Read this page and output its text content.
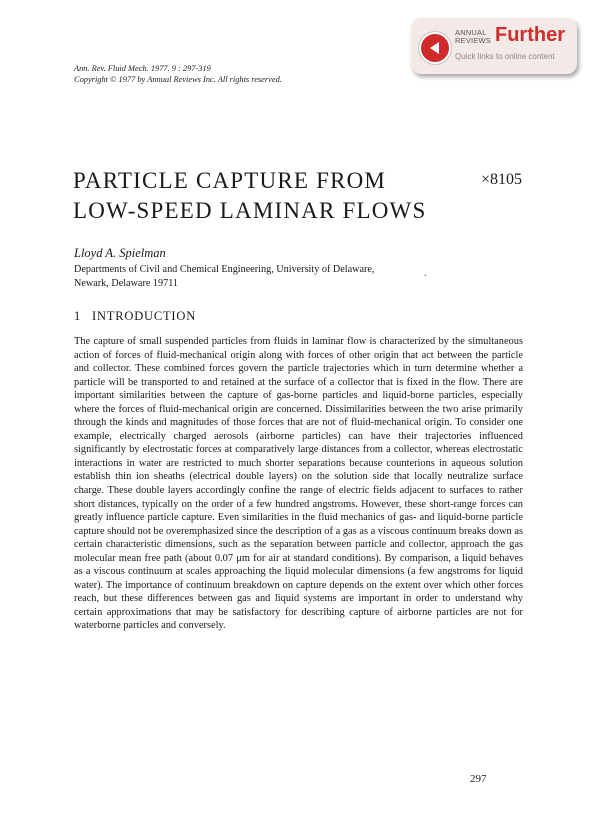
ANNUAL
REVIEWS Further
Quick links to online content
Ann. Rev. Fluid Mech. 1977. 9 : 297-319
Copyright © 1977 by Annual Reviews Inc. All rights reserved.
PARTICLE CAPTURE FROM
LOW-SPEED LAMINAR FLOWS
×8105
Lloyd A. Spielman
Departments of Civil and Chemical Engineering, University of Delaware,
Newark, Delaware 19711
.
1 INTRODUCTION

The capture of small suspended particles from fluids in laminar flow is characterized by the simultaneous action of forces of fluid-mechanical origin along with forces of other origin that act between the particle and collector. These combined forces govern the particle trajectories which in turn determine whether a particle will be transported to and retained at the surface of a collector that is fixed in the flow. There are important similarities between the capture of gas-borne particles and liquid-borne particles, especially where the forces of fluid-mechanical origin are concerned. Dissimilarities between the two arise primarily through the kinds and magnitudes of those forces that are not of fluid-mechanical origin. To consider one example, electrically charged aerosols (airborne particles) can have their trajectories influenced significantly by electrostatic forces at comparatively large distances from a collector, whereas electrostatic interactions in water are restricted to much shorter separations because counterions in aqueous solution establish thin ion sheaths (electrical double layers) on the solution side that locally neutralize surface charge. These double layers accordingly confine the range of electric fields adjacent to surfaces to rather short distances, typically on the order of a few hundred angstroms. However, these short-range forces can greatly influence particle capture. Even similarities in the fluid mechanics of gas- and liquid-borne particle capture should not be overemphasized since the description of a gas as a viscous continuum breaks down as certain characteristic dimensions, such as the separation between particle and collector, approach the gas molecular mean free path (about 0.07 μm for air at standard conditions). By comparison, a liquid behaves as a viscous continuum at scales approaching the liquid molecular dimensions (a few angstroms for liquid water). The importance of continuum breakdown on capture depends on the extent over which other forces reach, but these differences between gas and liquid systems are important in order to understand why certain approximations that may be satisfactory for describing capture of airborne particles are not for waterborne particles and conversely.

297
